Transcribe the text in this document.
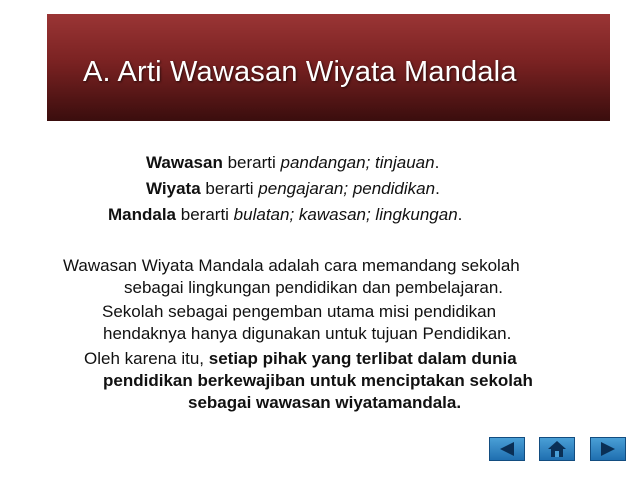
A. Arti Wawasan Wiyata Mandala
Wawasan berarti pandangan; tinjauan.
Wiyata berarti pengajaran; pendidikan.
Mandala berarti bulatan; kawasan; lingkungan.
Wawasan Wiyata Mandala adalah cara memandang sekolah
sebagai lingkungan pendidikan dan pembelajaran.
Sekolah sebagai pengemban utama misi pendidikan
hendaknya hanya digunakan untuk tujuan Pendidikan.
Oleh karena itu, setiap pihak yang terlibat dalam dunia
pendidikan berkewajiban untuk menciptakan sekolah
sebagai wawasan wiyatamandala.
